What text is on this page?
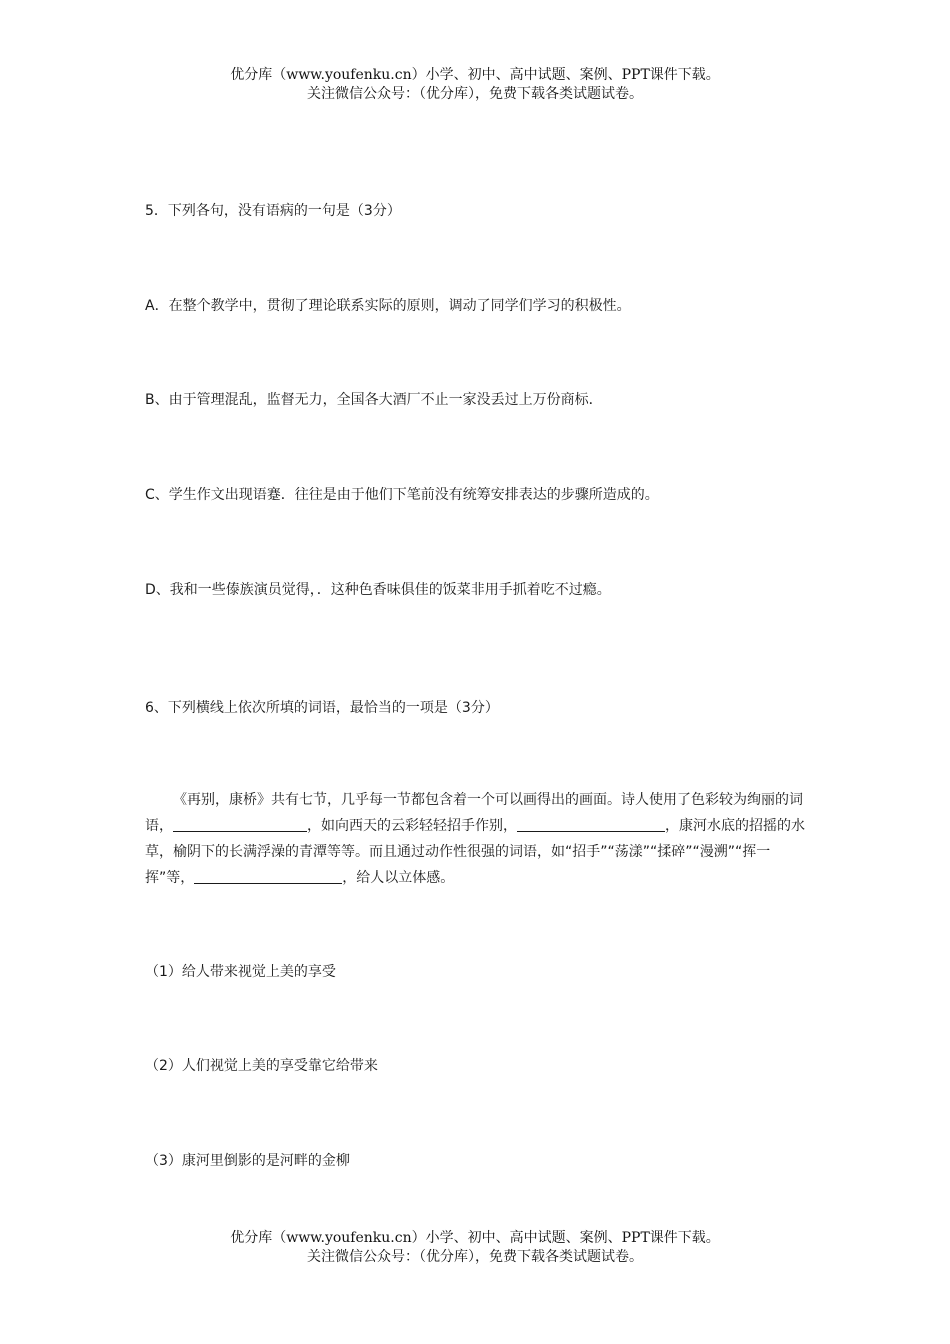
优分库（www.youfenku.cn）小学、初中、高中试题、案例、PPT课件下载。
关注微信公众号：（优分库），免费下载各类试题试卷。
5．下列各句，没有语病的一句是（3分）
A．在整个教学中，贯彻了理论联系实际的原则，调动了同学们学习的积极性。
B、由于管理混乱，监督无力，全国各大酒厂不止一家没丢过上万份商标．
C、学生作文出现语蹇．往往是由于他们下笔前没有统筹安排表达的步骤所造成的。
D、我和一些傣族演员觉得，．这种色香味俱佳的饭菜非用手抓着吃不过瘾。
6、下列横线上依次所填的词语，最恰当的一项是（3分）
《再别，康桥》共有七节，几乎每一节都包含着一个可以画得出的画面。诗人使用了色彩较为绚丽的词语，	，如向西天的云彩轻轻招手作别，	，康河水底的招摇的水草，榆阴下的长满浮澡的青潭等等。而且通过动作性很强的词语，如“招手”“荡漾”“揉碎”“漫溯”“挥一挥”等，	，给人以立体感。
（1）给人带来视觉上美的享受
（2）人们视觉上美的享受靠它给带来
（3）康河里倒影的是河畔的金柳
优分库（www.youfenku.cn）小学、初中、高中试题、案例、PPT课件下载。
关注微信公众号：（优分库），免费下载各类试题试卷。
